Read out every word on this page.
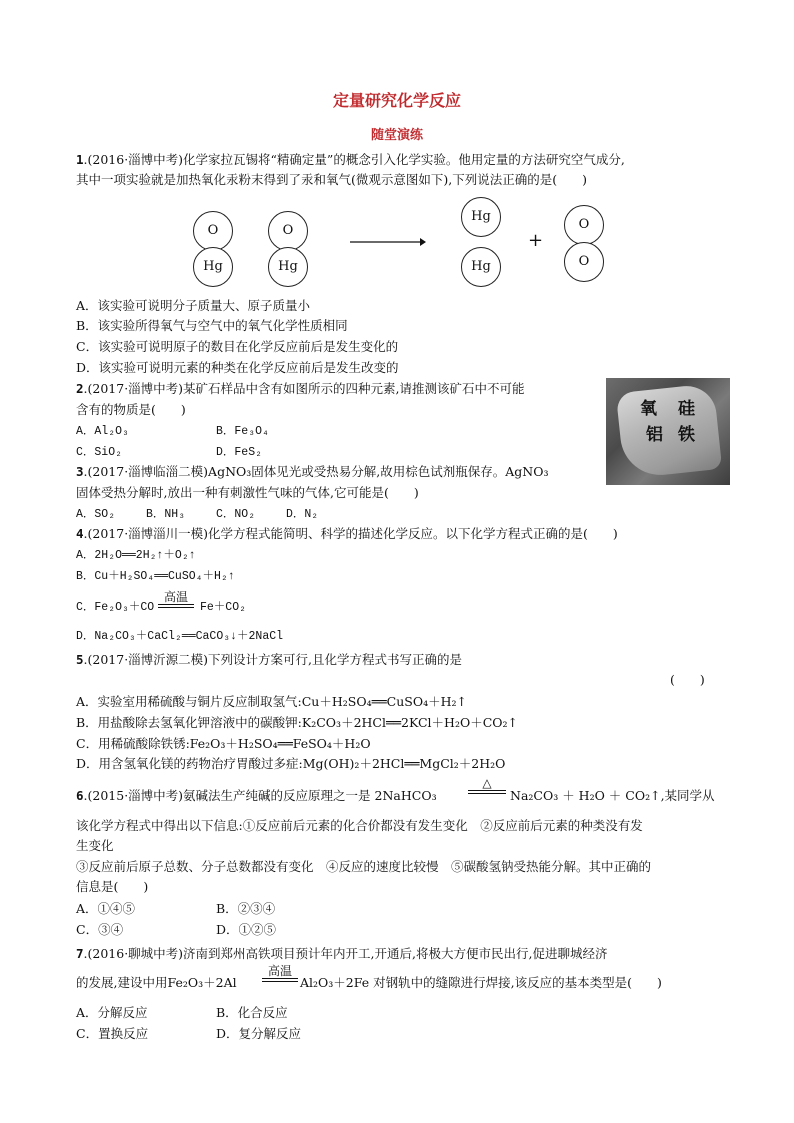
定量研究化学反应
随堂演练
1.(2016·淄博中考)化学家拉瓦锡将“精确定量”的概念引入化学实验。他用定量的方法研究空气成分,
其中一项实验就是加热氧化汞粉末得到了汞和氧气(微观示意图如下),下列说法正确的是(　　)
O
Hg
O
Hg
Hg
Hg
+
O
O
A．该实验可说明分子质量大、原子质量小
B．该实验所得氧气与空气中的氧气化学性质相同
C．该实验可说明原子的数目在化学反应前后是发生变化的
D．该实验可说明元素的种类在化学反应前后是发生改变的
2.(2017·淄博中考)某矿石样品中含有如图所示的四种元素,请推测该矿石中不可能
含有的物质是(　　)
A．Al₂O₃	B．Fe₃O₄
C．SiO₂	D．FeS₂
氧 硅
铝 铁
3.(2017·淄博临淄二模)AgNO₃固体见光或受热易分解,故用棕色试剂瓶保存。AgNO₃
固体受热分解时,放出一种有刺激性气味的气体,它可能是(　　)
A．SO₂	B．NH₃	C．NO₂	D．N₂
4.(2017·淄博淄川一模)化学方程式能简明、科学的描述化学反应。以下化学方程式正确的是(　　)
A．2H₂O══2H₂↑＋O₂↑
B．Cu＋H₂SO₄══CuSO₄＋H₂↑
C．Fe₂O₃＋CO
高温
Fe＋CO₂
D．Na₂CO₃＋CaCl₂══CaCO₃↓＋2NaCl
5.(2017·淄博沂源二模)下列设计方案可行,且化学方程式书写正确的是
(　　)
A．实验室用稀硫酸与铜片反应制取氢气:Cu＋H₂SO₄══CuSO₄＋H₂↑
B．用盐酸除去氢氧化钾溶液中的碳酸钾:K₂CO₃＋2HCl══2KCl＋H₂O＋CO₂↑
C．用稀硫酸除铁锈:Fe₂O₃＋H₂SO₄══FeSO₄＋H₂O
D．用含氢氧化镁的药物治疗胃酸过多症:Mg(OH)₂＋2HCl══MgCl₂＋2H₂O
6.(2015·淄博中考)氨碱法生产纯碱的反应原理之一是 2NaHCO₃
△
Na₂CO₃ ＋ H₂O ＋ CO₂↑,某同学从
该化学方程式中得出以下信息:①反应前后元素的化合价都没有发生变化　②反应前后元素的种类没有发
生变化
③反应前后原子总数、分子总数都没有变化　④反应的速度比较慢　⑤碳酸氢钠受热能分解。其中正确的
信息是(　　)
A．①④⑤	B．②③④
C．③④	D．①②⑤
7.(2016·聊城中考)济南到郑州高铁项目预计年内开工,开通后,将极大方便市民出行,促进聊城经济
的发展,建设中用Fe₂O₃＋2Al
高温
Al₂O₃＋2Fe 对钢轨中的缝隙进行焊接,该反应的基本类型是(　　)
A．分解反应	B．化合反应
C．置换反应	D．复分解反应
